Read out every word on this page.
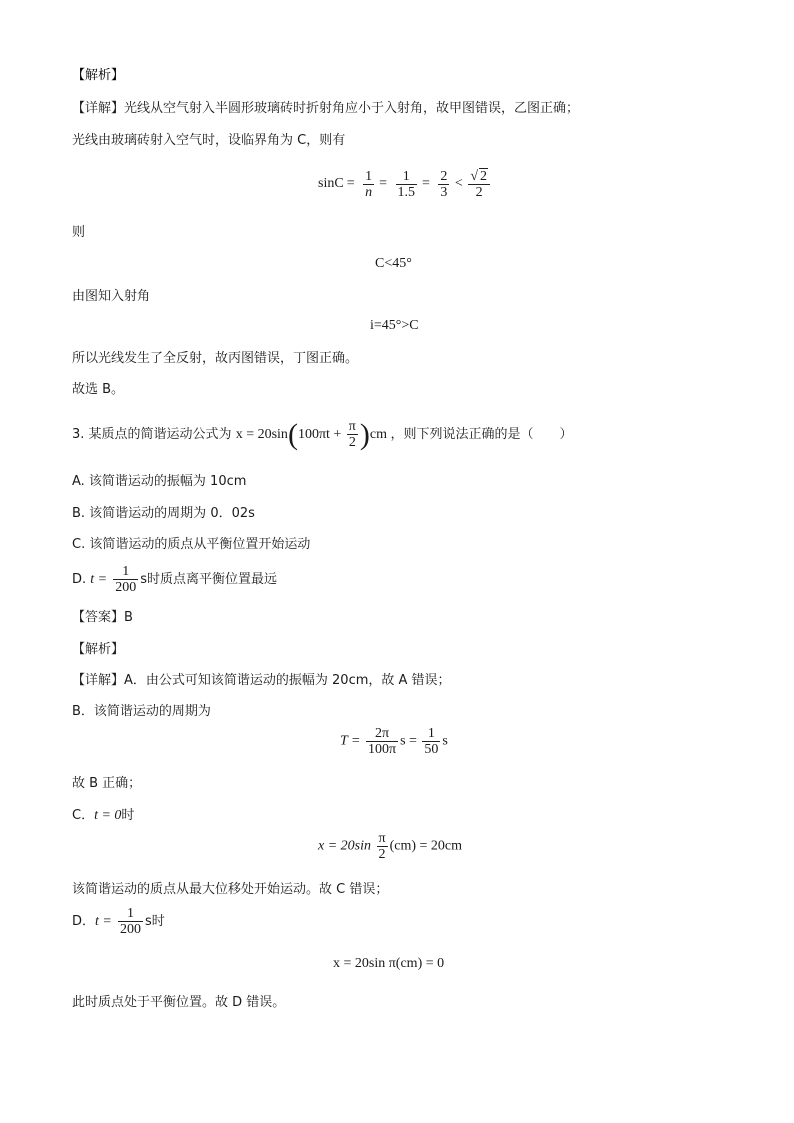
【解析】
【详解】光线从空气射入半圆形玻璃砖时折射角应小于入射角，故甲图错误，乙图正确；
光线由玻璃砖射入空气时，设临界角为 C，则有
$\sin C = \frac{1}{n} = \frac{1}{1.5} = \frac{2}{3} < \frac{√ 2}{2}$
则
C<45°
由图知入射角
i=45°>C
所以光线发生了全反射，故丙图错误，丁图正确。
故选 B。
3. 某质点的简谐运动公式为 $x = 20\sin(100\pi t + \frac{\pi}{2} )cm$ ，则下列说法正确的是（　　）
A. 该简谐运动的振幅为 10cm
B. 该简谐运动的周期为 0．02s
C. 该简谐运动的质点从平衡位置开始运动
D. $t = \frac{1}{200}$ s时质点离平衡位置最远
【答案】B
【解析】
【详解】A．由公式可知该简谐运动的振幅为 20cm，故 A 错误；
B．该简谐运动的周期为
$T = \frac{2\pi}{100\pi}$ $s = \frac{1}{50}$ s
故 B 正确；
C．t = 0时
$x = 20\sin \frac{\pi}{2} (cm) = 20cm$
该简谐运动的质点从最大位移处开始运动。故 C 错误；
D．$t = \frac{1}{200}$ s时
x = 20sin π(cm) = 0
此时质点处于平衡位置。故 D 错误。
